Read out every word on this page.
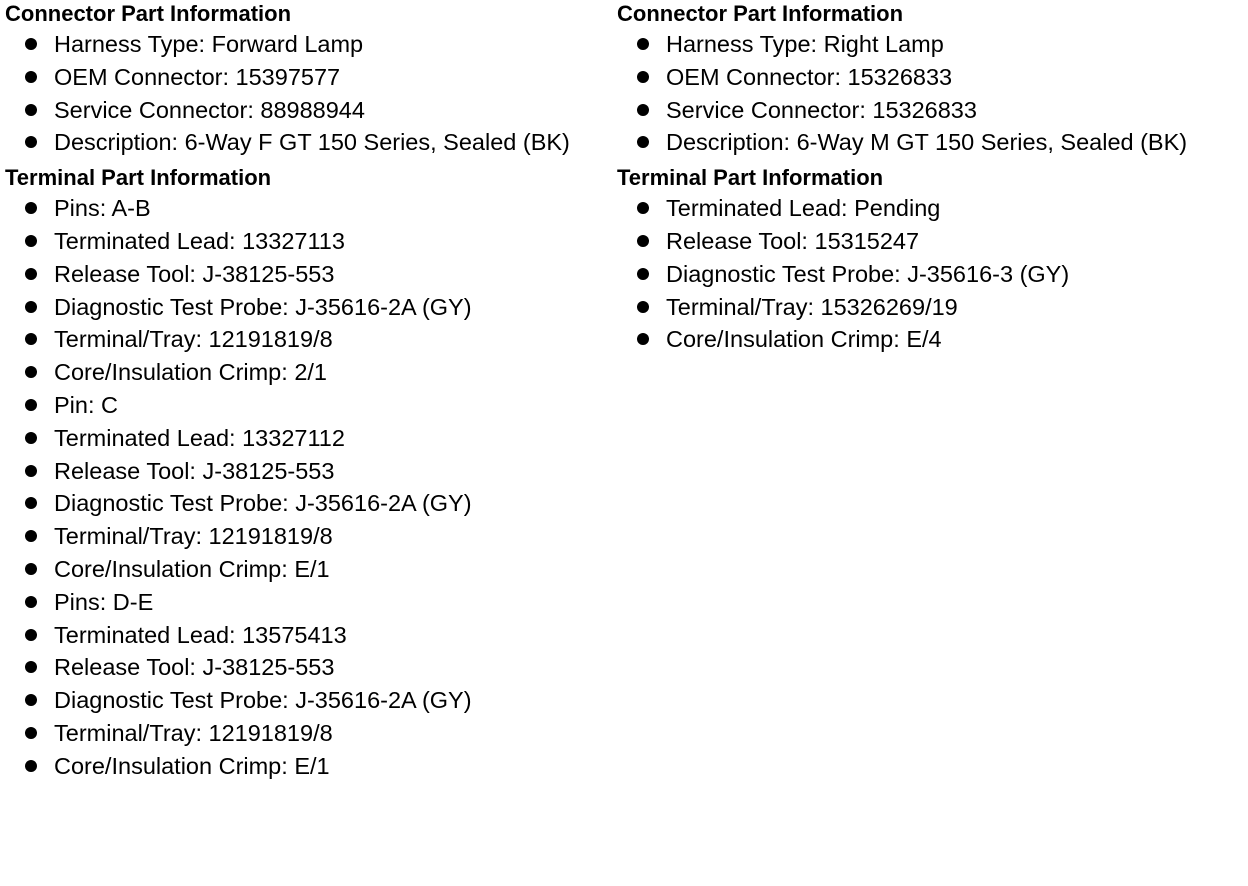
Connector Part Information
Harness Type: Forward Lamp
OEM Connector: 15397577
Service Connector: 88988944
Description: 6-Way F GT 150 Series, Sealed (BK)
Terminal Part Information
Pins: A-B
Terminated Lead: 13327113
Release Tool: J-38125-553
Diagnostic Test Probe: J-35616-2A (GY)
Terminal/Tray: 12191819/8
Core/Insulation Crimp: 2/1
Pin: C
Terminated Lead: 13327112
Release Tool: J-38125-553
Diagnostic Test Probe: J-35616-2A (GY)
Terminal/Tray: 12191819/8
Core/Insulation Crimp: E/1
Pins: D-E
Terminated Lead: 13575413
Release Tool: J-38125-553
Diagnostic Test Probe: J-35616-2A (GY)
Terminal/Tray: 12191819/8
Core/Insulation Crimp: E/1
Connector Part Information
Harness Type: Right Lamp
OEM Connector: 15326833
Service Connector: 15326833
Description: 6-Way M GT 150 Series, Sealed (BK)
Terminal Part Information
Terminated Lead: Pending
Release Tool: 15315247
Diagnostic Test Probe: J-35616-3 (GY)
Terminal/Tray: 15326269/19
Core/Insulation Crimp: E/4
